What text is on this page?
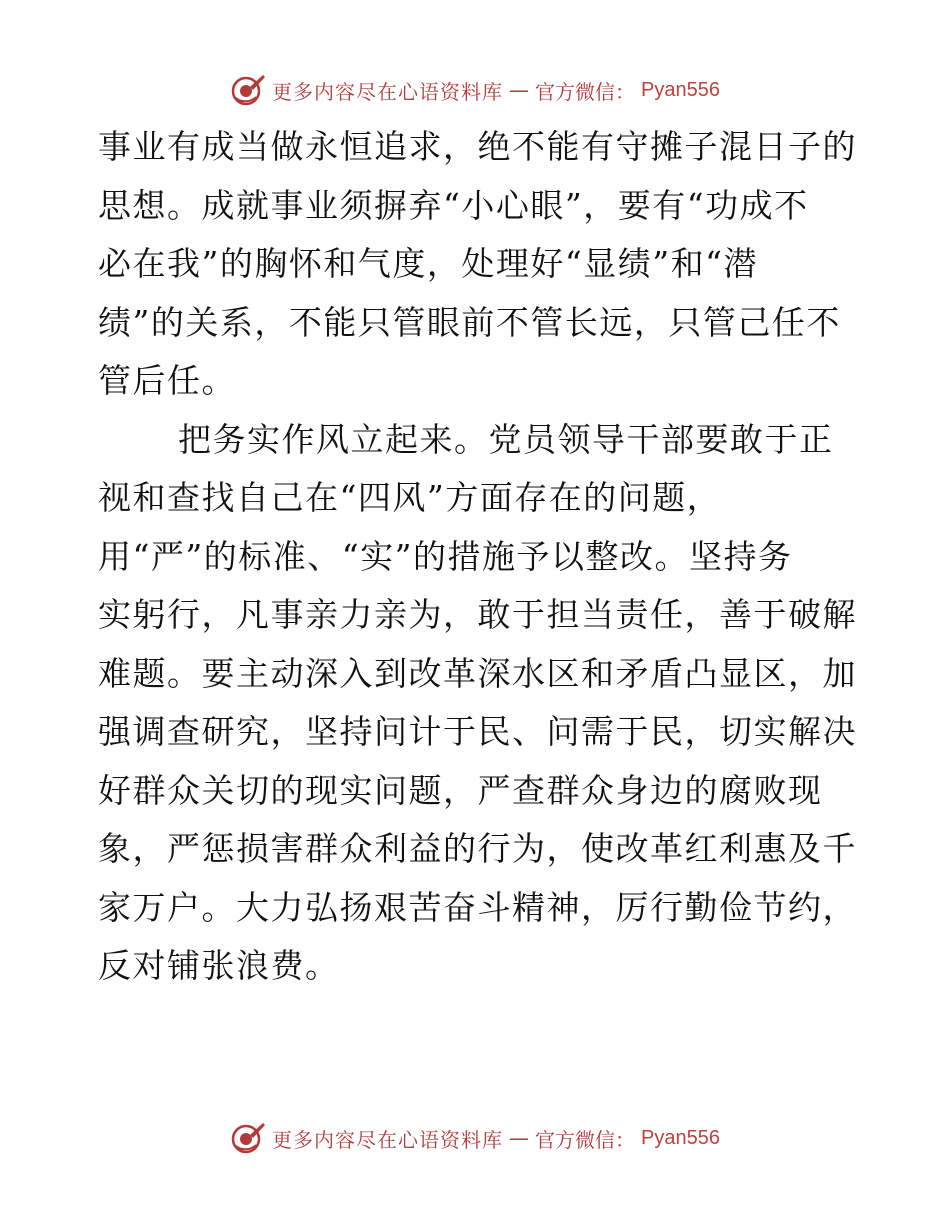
更多内容尽在心语资料库 — 官方微信： Pyan556
事业有成当做永恒追求，绝不能有守摊子混日子的
思想。成就事业须摒弃“小心眼”，要有“功成不
必在我”的胸怀和气度，处理好“显绩”和“潜
绩”的关系，不能只管眼前不管长远，只管己任不
管后任。
把务实作风立起来。党员领导干部要敢于正
视和查找自己在“四风”方面存在的问题，
用“严”的标准、“实”的措施予以整改。坚持务
实躬行，凡事亲力亲为，敢于担当责任，善于破解
难题。要主动深入到改革深水区和矛盾凸显区，加
强调查研究，坚持问计于民、问需于民，切实解决
好群众关切的现实问题，严查群众身边的腐败现
象，严惩损害群众利益的行为，使改革红利惠及千
家万户。大力弘扬艰苦奋斗精神，厉行勤俭节约，
反对铺张浪费。
更多内容尽在心语资料库 — 官方微信： Pyan556
